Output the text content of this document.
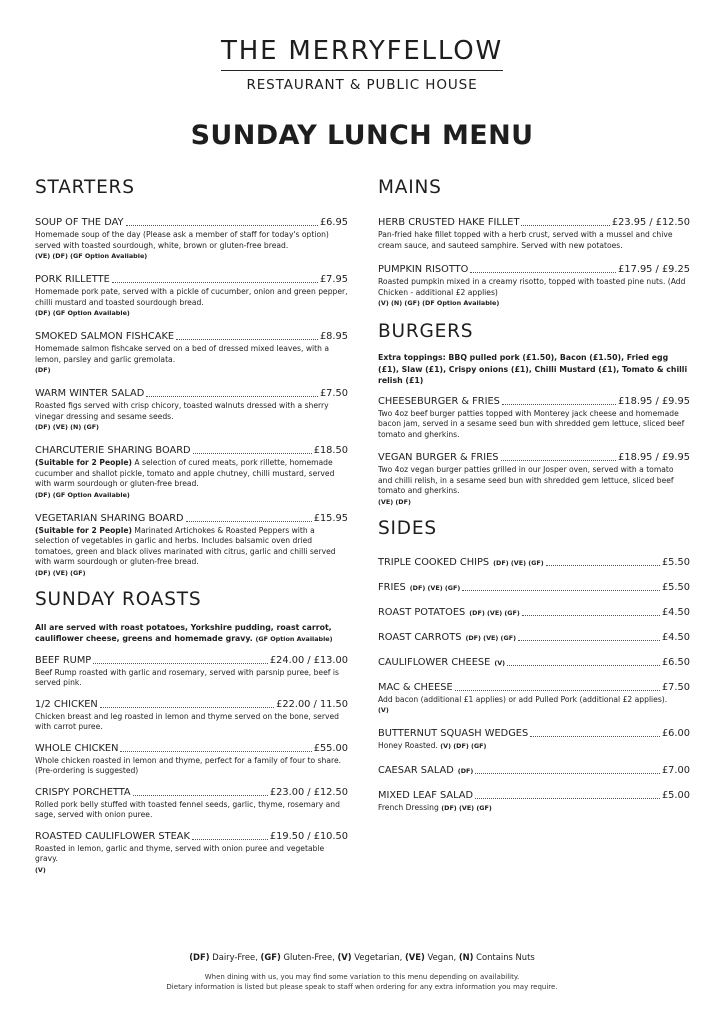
THE MERRYFELLOW
RESTAURANT & PUBLIC HOUSE
SUNDAY LUNCH MENU
STARTERS
SOUP OF THE DAY	£6.95
Homemade soup of the day (Please ask a member of staff for today's option) served with toasted sourdough, white, brown or gluten-free bread.
(VE) (DF) (GF Option Available)
PORK RILLETTE	£7.95
Homemade pork pate, served with a pickle of cucumber, onion and green pepper, chilli mustard and toasted sourdough bread.
(DF) (GF Option Available)
SMOKED SALMON FISHCAKE	£8.95
Homemade salmon fishcake served on a bed of dressed mixed leaves, with a lemon, parsley and garlic gremolata.
(DF)
WARM WINTER SALAD	£7.50
Roasted figs served with crisp chicory, toasted walnuts dressed with a sherry vinegar dressing and sesame seeds.
(DF) (VE) (N) (GF)
CHARCUTERIE SHARING BOARD	£18.50
(Suitable for 2 People) A selection of cured meats, pork rillette, homemade cucumber and shallot pickle, tomato and apple chutney, chilli mustard, served with warm sourdough or gluten-free bread.
(DF) (GF Option Available)
VEGETARIAN SHARING BOARD	£15.95
(Suitable for 2 People) Marinated Artichokes & Roasted Peppers with a selection of vegetables in garlic and herbs. Includes balsamic oven dried tomatoes, green and black olives marinated with citrus, garlic and chilli served with warm sourdough or gluten-free bread.
(DF) (VE) (GF)
SUNDAY ROASTS
All are served with roast potatoes, Yorkshire pudding, roast carrot, cauliflower cheese, greens and homemade gravy. (GF Option Available)
BEEF RUMP	£24.00 / £13.00
Beef Rump roasted with garlic and rosemary, served with parsnip puree, beef is served pink.
1/2 CHICKEN	£22.00 / 11.50
Chicken breast and leg roasted in lemon and thyme served on the bone, served with carrot puree.
WHOLE CHICKEN	£55.00
Whole chicken roasted in lemon and thyme, perfect for a family of four to share. (Pre-ordering is suggested)
CRISPY PORCHETTA	£23.00 / £12.50
Rolled pork belly stuffed with toasted fennel seeds, garlic, thyme, rosemary and sage, served with onion puree.
ROASTED CAULIFLOWER STEAK	£19.50 / £10.50
Roasted in lemon, garlic and thyme, served with onion puree and vegetable gravy.
(V)
MAINS
HERB CRUSTED HAKE FILLET	£23.95 / £12.50
Pan-fried hake fillet topped with a herb crust, served with a mussel and chive cream sauce, and sauteed samphire. Served with new potatoes.
PUMPKIN RISOTTO	£17.95 / £9.25
Roasted pumpkin mixed in a creamy risotto, topped with toasted pine nuts. (Add Chicken - additional £2 applies)
(V) (N) (GF) (DF Option Available)
BURGERS
Extra toppings: BBQ pulled pork (£1.50), Bacon (£1.50), Fried egg (£1), Slaw (£1), Crispy onions (£1), Chilli Mustard (£1), Tomato & chilli relish (£1)
CHEESEBURGER & FRIES	£18.95 / £9.95
Two 4oz beef burger patties topped with Monterey jack cheese and homemade bacon jam, served in a sesame seed bun with shredded gem lettuce, sliced beef tomato and gherkins.
VEGAN BURGER & FRIES	£18.95 / £9.95
Two 4oz vegan burger patties grilled in our Josper oven, served with a tomato and chilli relish, in a sesame seed bun with shredded gem lettuce, sliced beef tomato and gherkins.
(VE) (DF)
SIDES
TRIPLE COOKED CHIPS (DF) (VE) (GF)	£5.50
FRIES (DF) (VE) (GF)	£5.50
ROAST POTATOES (DF) (VE) (GF)	£4.50
ROAST CARROTS (DF) (VE) (GF)	£4.50
CAULIFLOWER CHEESE (V)	£6.50
MAC & CHEESE	£7.50
Add bacon (additional £1 applies) or add Pulled Pork (additional £2 applies).
(V)
BUTTERNUT SQUASH WEDGES	£6.00
Honey Roasted. (V) (DF) (GF)
CAESAR SALAD (DF)	£7.00
MIXED LEAF SALAD	£5.00
French Dressing (DF) (VE) (GF)
(DF) Dairy-Free, (GF) Gluten-Free, (V) Vegetarian, (VE) Vegan, (N) Contains Nuts
When dining with us, you may find some variation to this menu depending on availability.
Dietary information is listed but please speak to staff when ordering for any extra information you may require.
